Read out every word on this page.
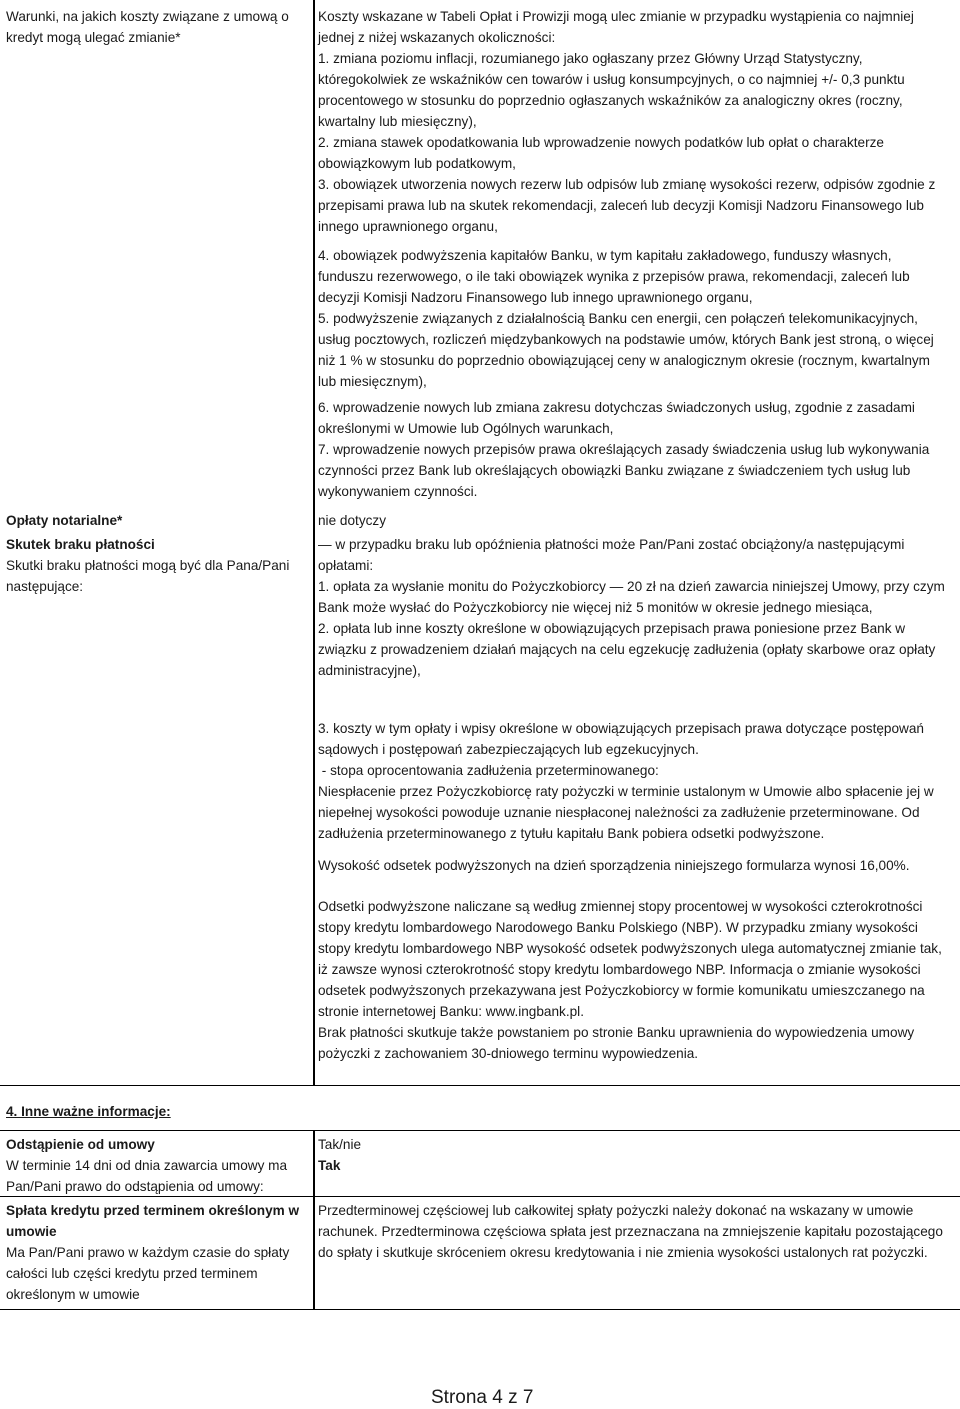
Warunki, na jakich koszty związane z umową o kredyt mogą ulegać zmianie*
Koszty wskazane w Tabeli Opłat i Prowizji mogą ulec zmianie w przypadku wystąpienia co najmniej jednej z niżej wskazanych okoliczności:
1. zmiana poziomu inflacji, rozumianego jako ogłaszany przez Główny Urząd Statystyczny, któregokolwiek ze wskaźników cen towarów i usług konsumpcyjnych, o co najmniej +/- 0,3 punktu procentowego w stosunku do poprzednio ogłaszanych wskaźników za analogiczny okres (roczny, kwartalny lub miesięczny),
2. zmiana stawek opodatkowania lub wprowadzenie nowych podatków lub opłat o charakterze obowiązkowym lub podatkowym,
3. obowiązek utworzenia nowych rezerw lub odpisów lub zmianę wysokości rezerw, odpisów zgodnie z przepisami prawa lub na skutek rekomendacji, zaleceń lub decyzji Komisji Nadzoru Finansowego lub innego uprawnionego organu,
4. obowiązek podwyższenia kapitałów Banku, w tym kapitału zakładowego, funduszy własnych, funduszu rezerwowego, o ile taki obowiązek wynika z przepisów prawa, rekomendacji, zaleceń lub decyzji Komisji Nadzoru Finansowego lub innego uprawnionego organu,
5. podwyższenie związanych z działalnością Banku cen energii, cen połączeń telekomunikacyjnych, usług pocztowych, rozliczeń międzybankowych na podstawie umów, których Bank jest stroną, o więcej niż 1 % w stosunku do poprzednio obowiązującej ceny w analogicznym okresie (rocznym, kwartalnym lub miesięcznym),
6. wprowadzenie nowych lub zmiana zakresu dotychczas świadczonych usług, zgodnie z zasadami określonymi w Umowie lub Ogólnych warunkach,
7. wprowadzenie nowych przepisów prawa określających zasady świadczenia usług lub wykonywania czynności przez Bank lub określających obowiązki Banku związane z świadczeniem tych usług lub wykonywaniem czynności.
Opłaty notarialne*	nie dotyczy
Skutek braku płatności
Skutki braku płatności mogą być dla Pana/Pani następujące:
— w przypadku braku lub opóźnienia płatności może Pan/Pani zostać obciążony/a następującymi opłatami:
1. opłata za wysłanie monitu do Pożyczkobiorcy — 20 zł na dzień zawarcia niniejszej Umowy, przy czym Bank może wysłać do Pożyczkobiorcy nie więcej niż 5 monitów w okresie jednego miesiąca,
2. opłata lub inne koszty określone w obowiązujących przepisach prawa poniesione przez Bank w związku z prowadzeniem działań mających na celu egzekucję zadłużenia (opłaty skarbowe oraz opłaty administracyjne),
3. koszty w tym opłaty i wpisy określone w obowiązujących przepisach prawa dotyczące postępowań sądowych i postępowań zabezpieczających lub egzekucyjnych.
- stopa oprocentowania zadłużenia przeterminowanego:
Niespłacenie przez Pożyczkobiorcę raty pożyczki w terminie ustalonym w Umowie albo spłacenie jej w niepełnej wysokości powoduje uznanie niespłaconej należności za zadłużenie przeterminowane. Od zadłużenia przeterminowanego z tytułu kapitału Bank pobiera odsetki podwyższone.
Wysokość odsetek podwyższonych na dzień sporządzenia niniejszego formularza wynosi 16,00%.
Odsetki podwyższone naliczane są według zmiennej stopy procentowej w wysokości czterokrotności stopy kredytu lombardowego Narodowego Banku Polskiego (NBP). W przypadku zmiany wysokości stopy kredytu lombardowego NBP wysokość odsetek podwyższonych ulega automatycznej zmianie tak, iż zawsze wynosi czterokrotność stopy kredytu lombardowego NBP. Informacja o zmianie wysokości odsetek podwyższonych przekazywana jest Pożyczkobiorcy w formie komunikatu umieszczanego na stronie internetowej Banku: www.ingbank.pl.
Brak płatności skutkuje także powstaniem po stronie Banku uprawnienia do wypowiedzenia umowy pożyczki z zachowaniem 30-dniowego terminu wypowiedzenia.
4. Inne ważne informacje:
Odstąpienie od umowy
W terminie 14 dni od dnia zawarcia umowy ma Pan/Pani prawo do odstąpienia od umowy:
Tak/nie
Tak
Spłata kredytu przed terminem określonym w umowie
Ma Pan/Pani prawo w każdym czasie do spłaty całości lub części kredytu przed terminem określonym w umowie
Przedterminowej częściowej lub całkowitej spłaty pożyczki należy dokonać na wskazany w umowie rachunek. Przedterminowa częściowa spłata jest przeznaczana na zmniejszenie kapitału pozostającego do spłaty i skutkuje skróceniem okresu kredytowania i nie zmienia wysokości ustalonych rat pożyczki.
Strona 4 z 7
